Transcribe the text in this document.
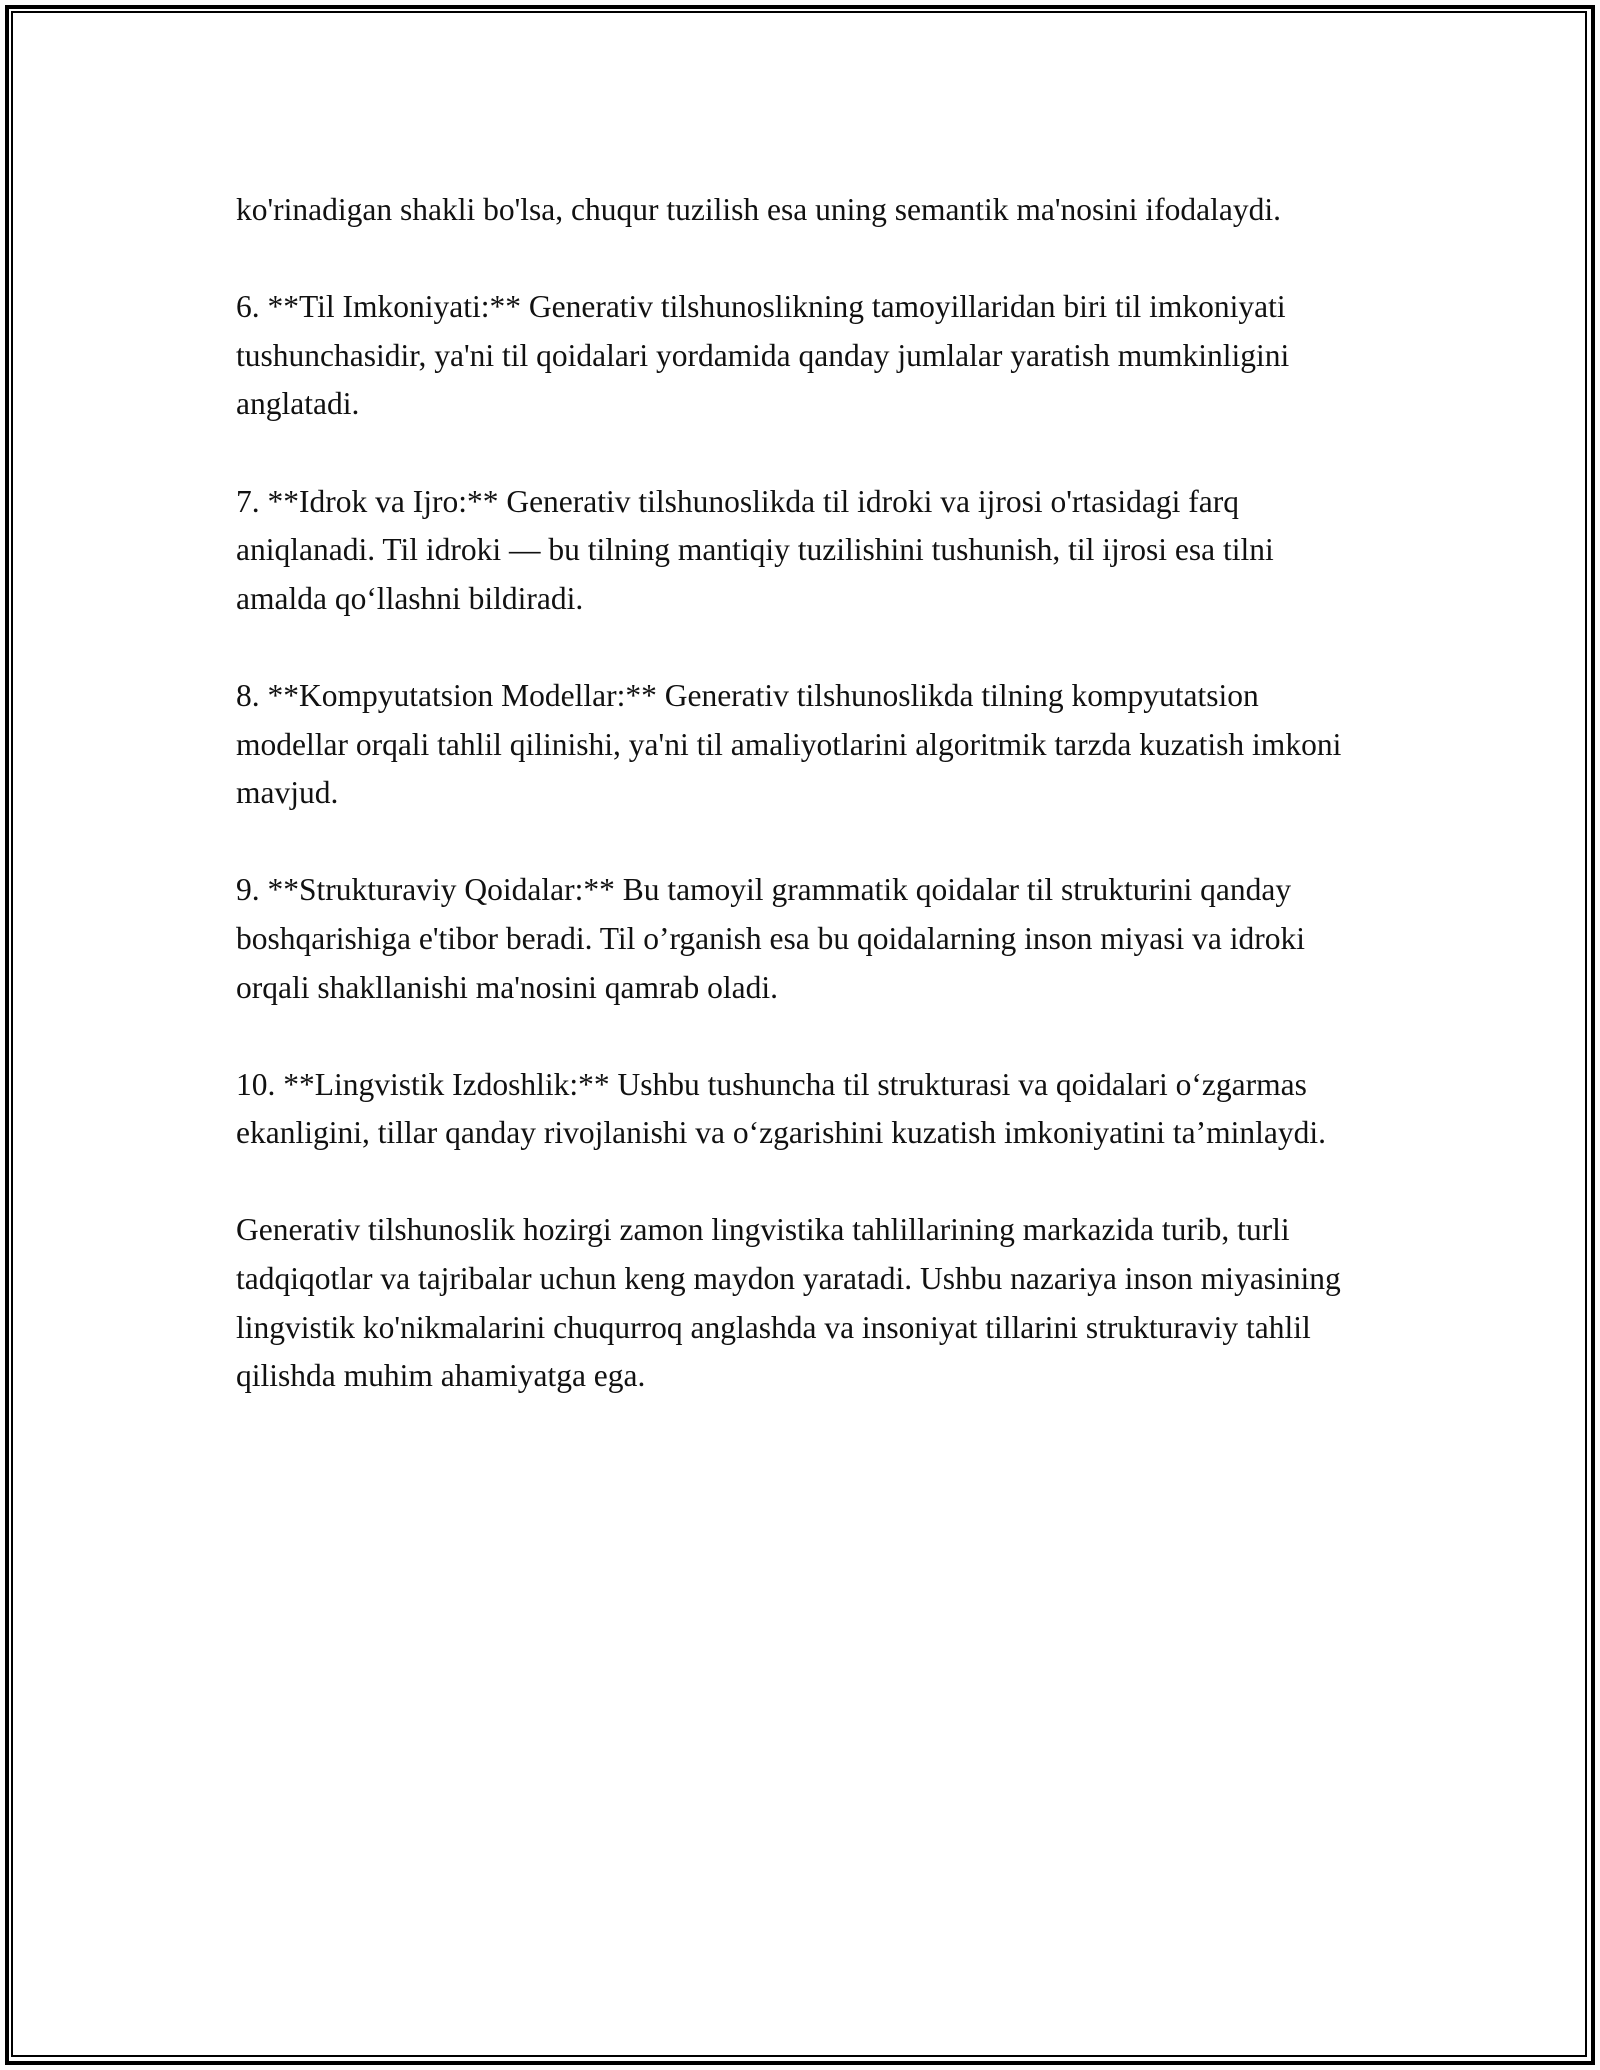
ko'rinadigan shakli bo'lsa, chuqur tuzilish esa uning semantik ma'nosini ifodalaydi.

6. **Til Imkoniyati:** Generativ tilshunoslikning tamoyillaridan biri til imkoniyati tushunchasidir, ya'ni til qoidalari yordamida qanday jumlalar yaratish mumkinligini anglatadi.

7. **Idrok va Ijro:** Generativ tilshunoslikda til idroki va ijrosi o'rtasidagi farq aniqlanadi. Til idroki — bu tilning mantiqiy tuzilishini tushunish, til ijrosi esa tilni amalda qo‘llashni bildiradi.

8. **Kompyutatsion Modellar:** Generativ tilshunoslikda tilning kompyutatsion modellar orqali tahlil qilinishi, ya'ni til amaliyotlarini algoritmik tarzda kuzatish imkoni mavjud.

9. **Strukturaviy Qoidalar:** Bu tamoyil grammatik qoidalar til strukturini qanday boshqarishiga e'tibor beradi. Til o’rganish esa bu qoidalarning inson miyasi va idroki orqali shakllanishi ma'nosini qamrab oladi.

10. **Lingvistik Izdoshlik:** Ushbu tushuncha til strukturasi va qoidalari o‘zgarmas ekanligini, tillar qanday rivojlanishi va o‘zgarishini kuzatish imkoniyatini ta’minlaydi.

Generativ tilshunoslik hozirgi zamon lingvistika tahlillarining markazida turib, turli tadqiqotlar va tajribalar uchun keng maydon yaratadi. Ushbu nazariya inson miyasining lingvistik ko'nikmalarini chuqurroq anglashda va insoniyat tillarini strukturaviy tahlil qilishda muhim ahamiyatga ega.
